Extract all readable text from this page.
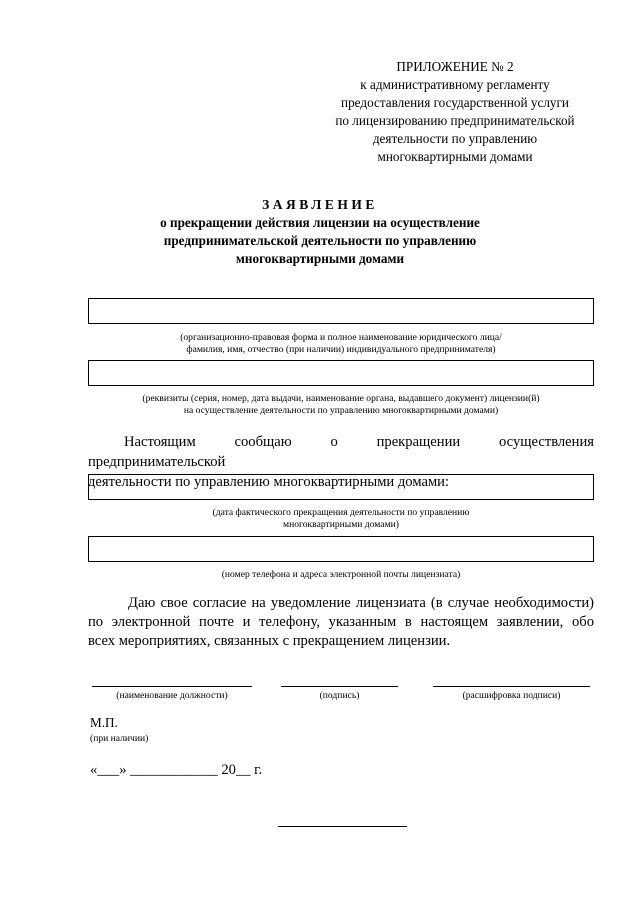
ПРИЛОЖЕНИЕ № 2
к административному регламенту
предоставления государственной услуги
по лицензированию предпринимательской
деятельности по управлению
многоквартирными домами
ЗАЯВЛЕНИЕ
о прекращении действия лицензии на осуществление
предпринимательской деятельности по управлению
многоквартирными домами
(организационно-правовая форма и полное наименование юридического лица/
фамилия, имя, отчество (при наличии) индивидуального предпринимателя)
(реквизиты (серия, номер, дата выдачи, наименование органа, выдавшего документ) лицензии(й)
на осуществление деятельности по управлению многоквартирными домами)
Настоящим сообщаю о прекращении осуществления предпринимательской
деятельности по управлению многоквартирными домами:
(дата фактического прекращения деятельности по управлению
многоквартирными домами)
(номер телефона и адреса электронной почты лицензиата)
Даю свое согласие на уведомление лицензиата (в случае необходимости)
по электронной почте и телефону, указанным в настоящем заявлении, обо
всех мероприятиях, связанных с прекращением лицензии.
(наименование должности)	(подпись)	(расшифровка подписи)
М.П.
(при наличии)
«___» ____________ 20__ г.
